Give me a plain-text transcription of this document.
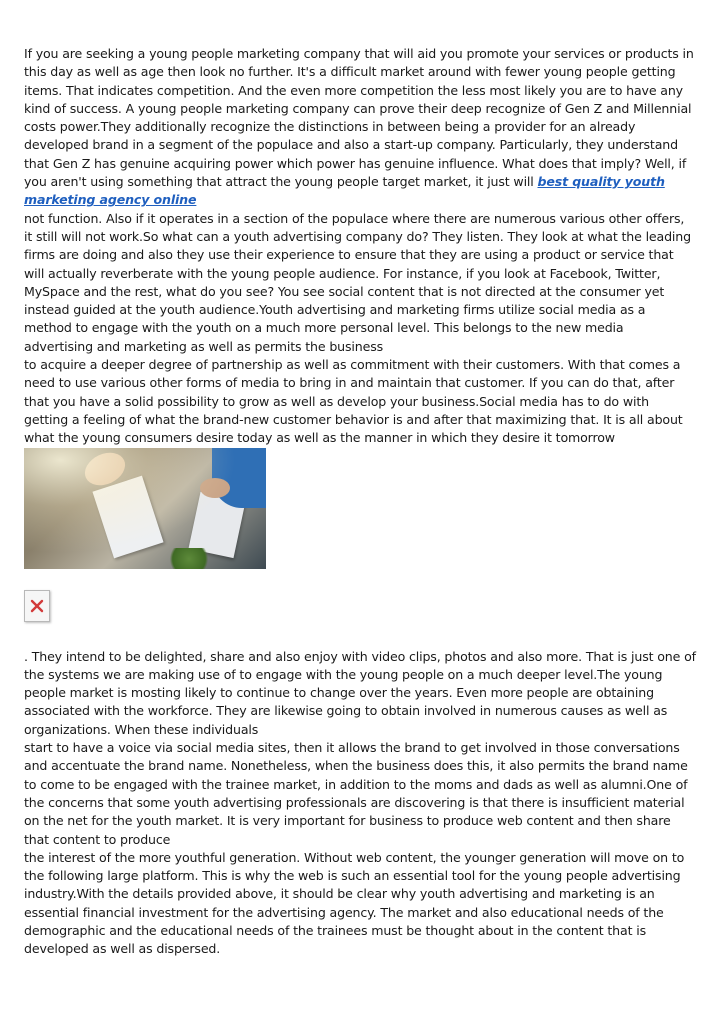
If you are seeking a young people marketing company that will aid you promote your services or products in this day as well as age then look no further. It's a difficult market around with fewer young people getting items. That indicates competition. And the even more competition the less most likely you are to have any kind of success. A young people marketing company can prove their deep recognize of Gen Z and Millennial costs power.They additionally recognize the distinctions in between being a provider for an already developed brand in a segment of the populace and also a start-up company. Particularly, they understand that Gen Z has genuine acquiring power which power has genuine influence. What does that imply? Well, if you aren't using something that attract the young people target market, it just will best quality youth marketing agency online

not function. Also if it operates in a section of the populace where there are numerous various other offers, it still will not work.So what can a youth advertising company do? They listen. They look at what the leading firms are doing and also they use their experience to ensure that they are using a product or service that will actually reverberate with the young people audience. For instance, if you look at Facebook, Twitter, MySpace and the rest, what do you see? You see social content that is not directed at the consumer yet instead guided at the youth audience.Youth advertising and marketing firms utilize social media as a method to engage with the youth on a much more personal level. This belongs to the new media advertising and marketing as well as permits the business

to acquire a deeper degree of partnership as well as commitment with their customers. With that comes a need to use various other forms of media to bring in and maintain that customer. If you can do that, after that you have a solid possibility to grow as well as develop your business.Social media has to do with getting a feeling of what the brand-new customer behavior is and after that maximizing that. It is all about what the young consumers desire today as well as the manner in which they desire it tomorrow

. They intend to be delighted, share and also enjoy with video clips, photos and also more. That is just one of the systems we are making use of to engage with the young people on a much deeper level.The young people market is mosting likely to continue to change over the years. Even more people are obtaining associated with the workforce. They are likewise going to obtain involved in numerous causes as well as organizations. When these individuals

start to have a voice via social media sites, then it allows the brand to get involved in those conversations and accentuate the brand name. Nonetheless, when the business does this, it also permits the brand name to come to be engaged with the trainee market, in addition to the moms and dads as well as alumni.One of the concerns that some youth advertising professionals are discovering is that there is insufficient material on the net for the youth market. It is very important for business to produce web content and then share that content to produce

the interest of the more youthful generation. Without web content, the younger generation will move on to the following large platform. This is why the web is such an essential tool for the young people advertising industry.With the details provided above, it should be clear why youth advertising and marketing is an essential financial investment for the advertising agency. The market and also educational needs of the demographic and the educational needs of the trainees must be thought about in the content that is developed as well as dispersed.
